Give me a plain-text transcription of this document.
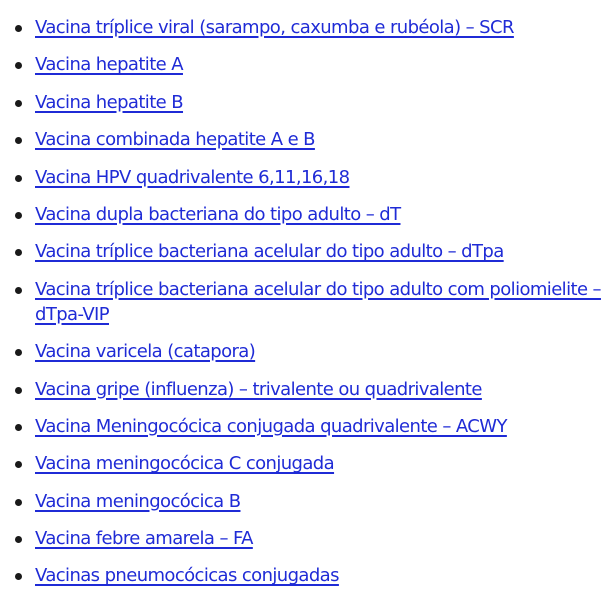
Vacina tríplice viral (sarampo, caxumba e rubéola) – SCR
Vacina hepatite A
Vacina hepatite B
Vacina combinada hepatite A e B
Vacina HPV quadrivalente 6,11,16,18
Vacina dupla bacteriana do tipo adulto – dT
Vacina tríplice bacteriana acelular do tipo adulto – dTpa
Vacina tríplice bacteriana acelular do tipo adulto com poliomielite – dTpa-VIP
Vacina varicela (catapora)
Vacina gripe (influenza) – trivalente ou quadrivalente
Vacina Meningocócica conjugada quadrivalente – ACWY
Vacina meningocócica C conjugada
Vacina meningocócica B
Vacina febre amarela – FA
Vacinas pneumocócicas conjugadas
